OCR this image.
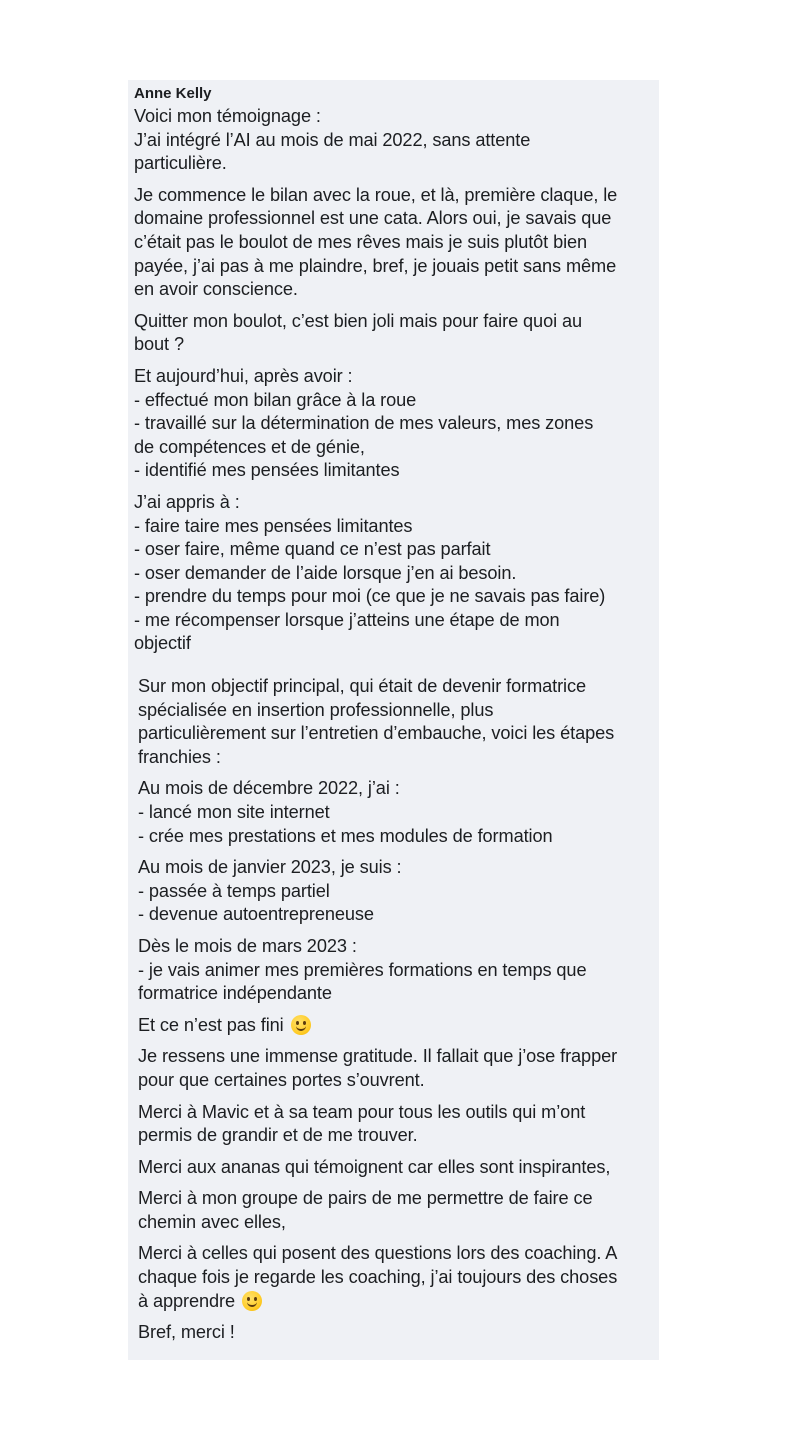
Anne Kelly

Voici mon témoignage :
J’ai intégré l’AI au mois de mai 2022, sans attente
particulière.
Je commence le bilan avec la roue, et là, première claque, le
domaine professionnel est une cata. Alors oui, je savais que
c’était pas le boulot de mes rêves mais je suis plutôt bien
payée, j’ai pas à me plaindre, bref, je jouais petit sans même
en avoir conscience.
Quitter mon boulot, c’est bien joli mais pour faire quoi au
bout ?
Et aujourd’hui, après avoir :
- effectué mon bilan grâce à la roue
- travaillé sur la détermination de mes valeurs, mes zones
de compétences et de génie,
- identifié mes pensées limitantes
J’ai appris à :
- faire taire mes pensées limitantes
- oser faire, même quand ce n’est pas parfait
- oser demander de l’aide lorsque j’en ai besoin.
- prendre du temps pour moi (ce que je ne savais pas faire)
- me récompenser lorsque j’atteins une étape de mon
objectif
Sur mon objectif principal, qui était de devenir formatrice
spécialisée en insertion professionnelle, plus
particulièrement sur l’entretien d’embauche, voici les étapes
franchies :
Au mois de décembre 2022, j’ai :
- lancé mon site internet
- crée mes prestations et mes modules de formation
Au mois de janvier 2023, je suis :
- passée à temps partiel
- devenue autoentrepreneuse
Dès le mois de mars 2023 :
- je vais animer mes premières formations en temps que
formatrice indépendante
Et ce n’est pas fini
Je ressens une immense gratitude. Il fallait que j’ose frapper
pour que certaines portes s’ouvrent.
Merci à Mavic et à sa team pour tous les outils qui m’ont
permis de grandir et de me trouver.
Merci aux ananas qui témoignent car elles sont inspirantes,
Merci à mon groupe de pairs de me permettre de faire ce
chemin avec elles,
Merci à celles qui posent des questions lors des coaching. A
chaque fois je regarde les coaching, j’ai toujours des choses
à apprendre
Bref, merci !
